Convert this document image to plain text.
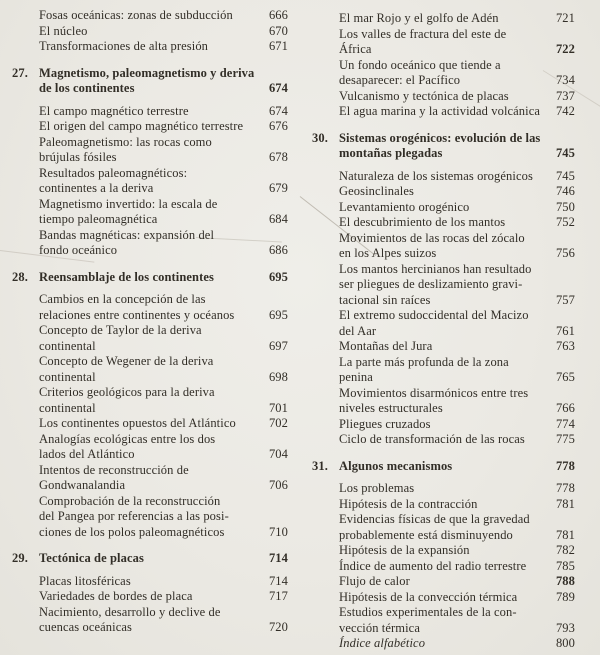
Fosas oceánicas: zonas de subducción	666
El núcleo	670
Transformaciones de alta presión	671
27. Magnetismo, paleomagnetismo y deriva
de los continentes	674
El campo magnético terrestre	674
El origen del campo magnético terrestre	676
Paleomagnetismo: las rocas como
brújulas fósiles	678
Resultados paleomagnéticos:
continentes a la deriva	679
Magnetismo invertido: la escala de
tiempo paleomagnética	684
Bandas magnéticas: expansión del
fondo oceánico	686
28. Reensamblaje de los continentes	695
Cambios en la concepción de las
relaciones entre continentes y océanos	695
Concepto de Taylor de la deriva
continental	697
Concepto de Wegener de la deriva
continental	698
Criterios geológicos para la deriva
continental	701
Los continentes opuestos del Atlántico	702
Analogías ecológicas entre los dos
lados del Atlántico	704
Intentos de reconstrucción de
Gondwanalandia	706
Comprobación de la reconstrucción
del Pangea por referencias a las posi-
ciones de los polos paleomagnéticos	710
29. Tectónica de placas	714
Placas litosféricas	714
Variedades de bordes de placa	717
Nacimiento, desarrollo y declive de
cuencas oceánicas	720
El mar Rojo y el golfo de Adén	721
Los valles de fractura del este de
África	722
Un fondo oceánico que tiende a
desaparecer: el Pacífico	734
Vulcanismo y tectónica de placas	737
El agua marina y la actividad volcánica	742
30. Sistemas orogénicos: evolución de las
montañas plegadas	745
Naturaleza de los sistemas orogénicos	745
Geosinclinales	746
Levantamiento orogénico	750
El descubrimiento de los mantos	752
Movimientos de las rocas del zócalo
en los Alpes suizos	756
Los mantos hercinianos han resultado
ser pliegues de deslizamiento gravi-
tacional sin raíces	757
El extremo sudoccidental del Macizo
del Aar	761
Montañas del Jura	763
La parte más profunda de la zona
penina	765
Movimientos disarmónicos entre tres
niveles estructurales	766
Pliegues cruzados	774
Ciclo de transformación de las rocas	775
31. Algunos mecanismos	778
Los problemas	778
Hipótesis de la contracción	781
Evidencias físicas de que la gravedad
probablemente está disminuyendo	781
Hipótesis de la expansión	782
Índice de aumento del radio terrestre	785
Flujo de calor	788
Hipótesis de la convección térmica	789
Estudios experimentales de la con-
vección térmica	793
Índice alfabético	800
